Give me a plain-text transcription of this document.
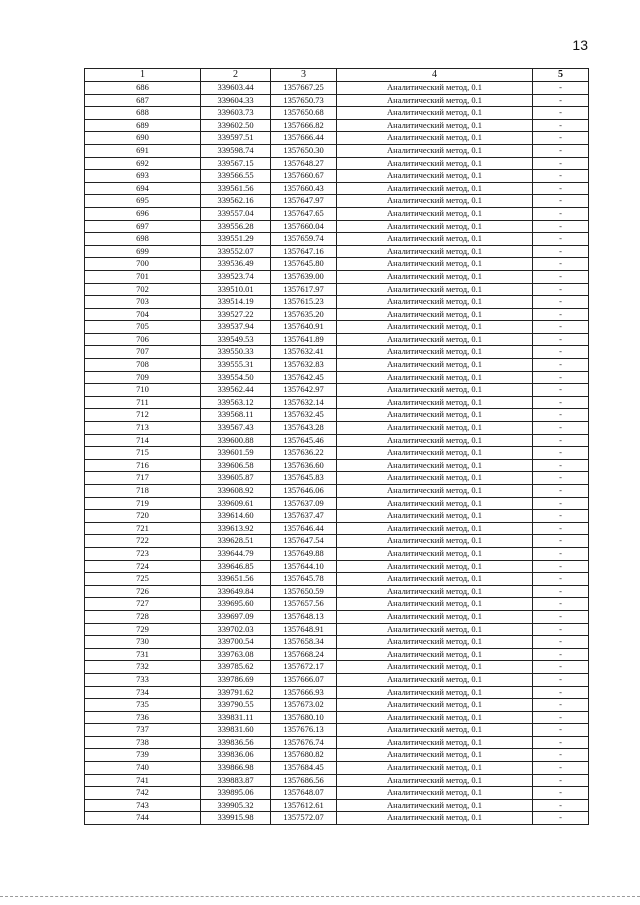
13
1	2	3	4	5
686	339603.44	1357667.25	Аналитический метод, 0.1	-
687	339604.33	1357650.73	Аналитический метод, 0.1	-
688	339603.73	1357650.68	Аналитический метод, 0.1	-
689	339602.50	1357666.82	Аналитический метод, 0.1	-
690	339597.51	1357666.44	Аналитический метод, 0.1	-
691	339598.74	1357650.30	Аналитический метод, 0.1	-
692	339567.15	1357648.27	Аналитический метод, 0.1	-
693	339566.55	1357660.67	Аналитический метод, 0.1	-
694	339561.56	1357660.43	Аналитический метод, 0.1	-
695	339562.16	1357647.97	Аналитический метод, 0.1	-
696	339557.04	1357647.65	Аналитический метод, 0.1	-
697	339556.28	1357660.04	Аналитический метод, 0.1	-
698	339551.29	1357659.74	Аналитический метод, 0.1	-
699	339552.07	1357647.16	Аналитический метод, 0.1	-
700	339536.49	1357645.80	Аналитический метод, 0.1	-
701	339523.74	1357639.00	Аналитический метод, 0.1	-
702	339510.01	1357617.97	Аналитический метод, 0.1	-
703	339514.19	1357615.23	Аналитический метод, 0.1	-
704	339527.22	1357635.20	Аналитический метод, 0.1	-
705	339537.94	1357640.91	Аналитический метод, 0.1	-
706	339549.53	1357641.89	Аналитический метод, 0.1	-
707	339550.33	1357632.41	Аналитический метод, 0.1	-
708	339555.31	1357632.83	Аналитический метод, 0.1	-
709	339554.50	1357642.45	Аналитический метод, 0.1	-
710	339562.44	1357642.97	Аналитический метод, 0.1	-
711	339563.12	1357632.14	Аналитический метод, 0.1	-
712	339568.11	1357632.45	Аналитический метод, 0.1	-
713	339567.43	1357643.28	Аналитический метод, 0.1	-
714	339600.88	1357645.46	Аналитический метод, 0.1	-
715	339601.59	1357636.22	Аналитический метод, 0.1	-
716	339606.58	1357636.60	Аналитический метод, 0.1	-
717	339605.87	1357645.83	Аналитический метод, 0.1	-
718	339608.92	1357646.06	Аналитический метод, 0.1	-
719	339609.61	1357637.09	Аналитический метод, 0.1	-
720	339614.60	1357637.47	Аналитический метод, 0.1	-
721	339613.92	1357646.44	Аналитический метод, 0.1	-
722	339628.51	1357647.54	Аналитический метод, 0.1	-
723	339644.79	1357649.88	Аналитический метод, 0.1	-
724	339646.85	1357644.10	Аналитический метод, 0.1	-
725	339651.56	1357645.78	Аналитический метод, 0.1	-
726	339649.84	1357650.59	Аналитический метод, 0.1	-
727	339695.60	1357657.56	Аналитический метод, 0.1	-
728	339697.09	1357648.13	Аналитический метод, 0.1	-
729	339702.03	1357648.91	Аналитический метод, 0.1	-
730	339700.54	1357658.34	Аналитический метод, 0.1	-
731	339763.08	1357668.24	Аналитический метод, 0.1	-
732	339785.62	1357672.17	Аналитический метод, 0.1	-
733	339786.69	1357666.07	Аналитический метод, 0.1	-
734	339791.62	1357666.93	Аналитический метод, 0.1	-
735	339790.55	1357673.02	Аналитический метод, 0.1	-
736	339831.11	1357680.10	Аналитический метод, 0.1	-
737	339831.60	1357676.13	Аналитический метод, 0.1	-
738	339836.56	1357676.74	Аналитический метод, 0.1	-
739	339836.06	1357680.82	Аналитический метод, 0.1	-
740	339866.98	1357684.45	Аналитический метод, 0.1	-
741	339883.87	1357686.56	Аналитический метод, 0.1	-
742	339895.06	1357648.07	Аналитический метод, 0.1	-
743	339905.32	1357612.61	Аналитический метод, 0.1	-
744	339915.98	1357572.07	Аналитический метод, 0.1	-
